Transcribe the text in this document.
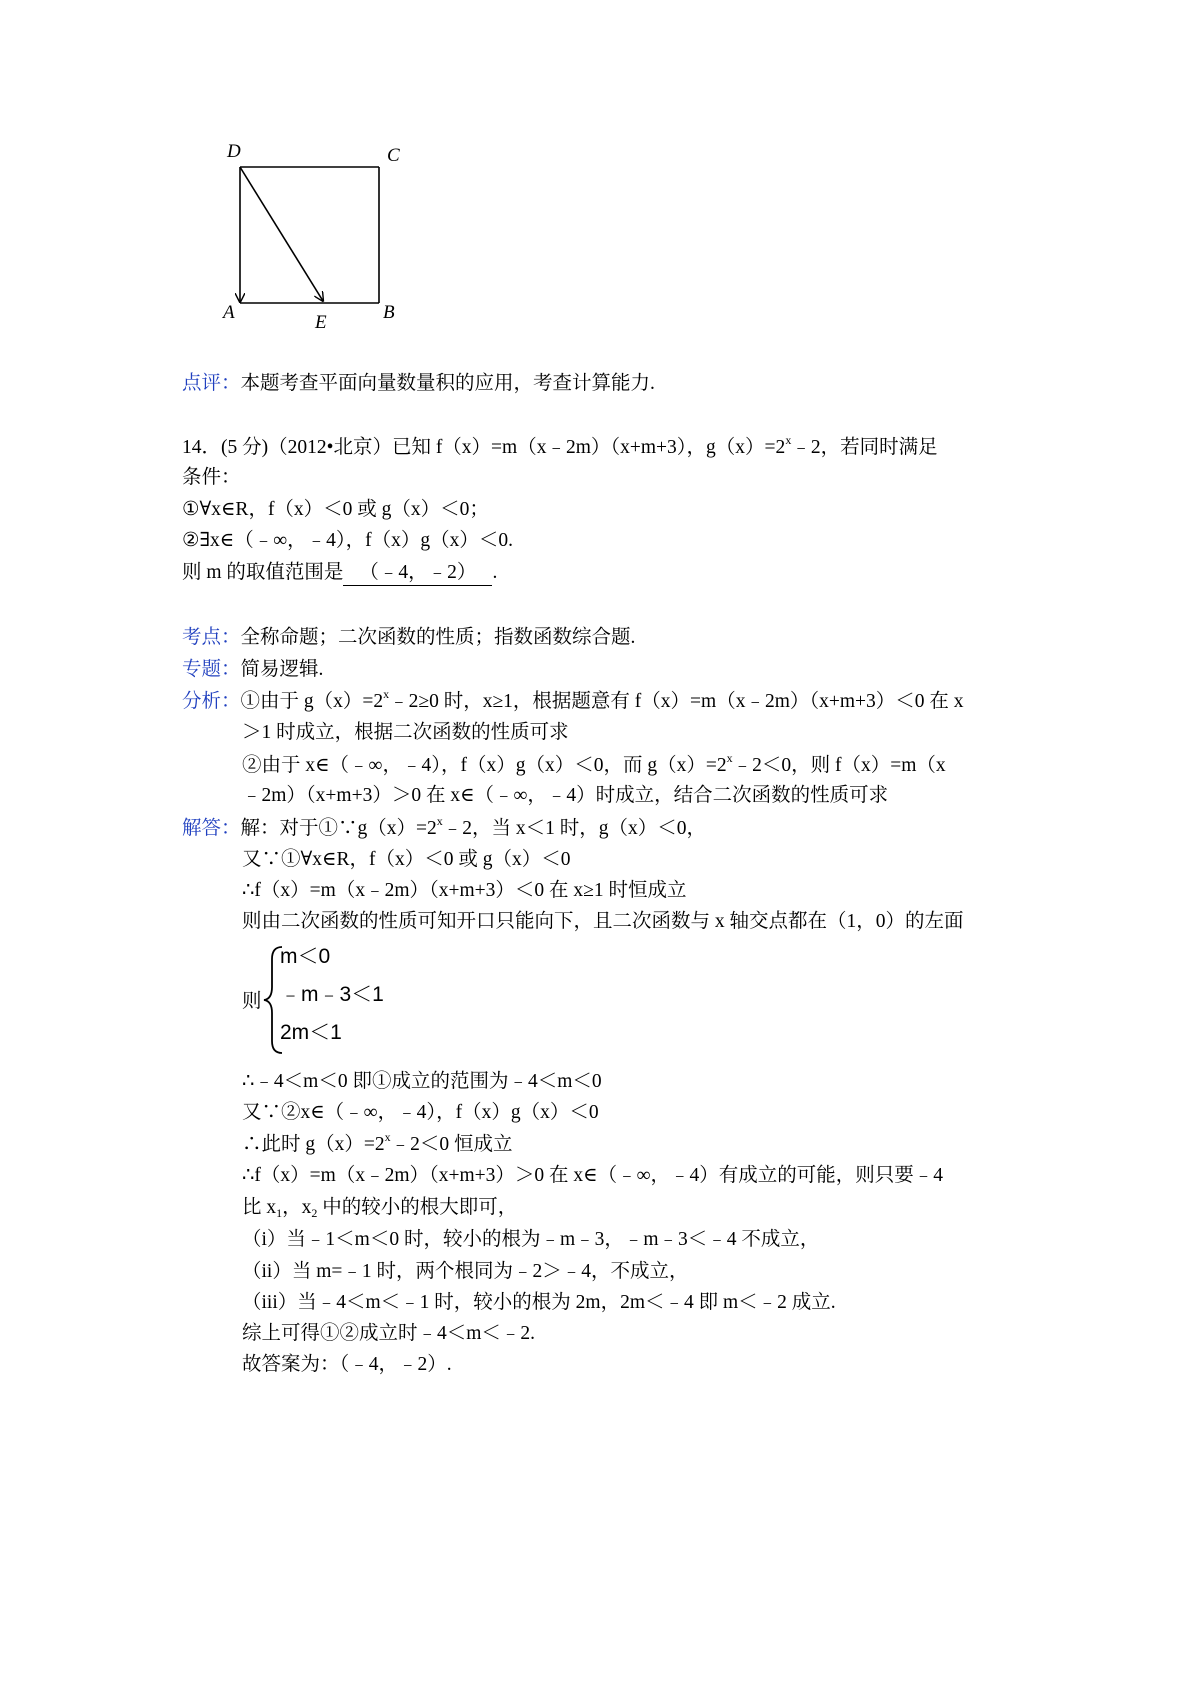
D	C
A	E	B
点评：本题考查平面向量数量积的应用，考查计算能力.
14．(5 分)（2012•北京）已知 f（x）=m（x﹣2m）（x+m+3），$g(x)=2^x﹣2$，若同时满足
条件：
①∀x∈R，f（x）＜0 或 g（x）＜0；
②∃x∈（﹣∞，﹣4），f（x）g（x）＜0.
则 m 的取值范围是 （﹣4，﹣2） .
考点：全称命题；二次函数的性质；指数函数综合题.
专题：简易逻辑.
分析：①由于 $g(x)=2^x﹣2\ge 0$ 时，x≥1，根据题意有 f（x）=m（x﹣2m）（x+m+3）＜0 在 x
＞1 时成立，根据二次函数的性质可求
②由于 x∈（﹣∞，﹣4），f（x）g（x）＜0，而 $g(x)=2^x﹣2<0$，则 f（x）=m（x
﹣2m）（x+m+3）＞0 在 x∈（﹣∞，﹣4）时成立，结合二次函数的性质可求
解答：解：对于$①\because g(x)=2^x﹣2$，当 x＜1 时，g（x）＜0，
又∵①∀x∈R，f（x）＜0 或 g（x）＜0
∴f（x）=m（x﹣2m）（x+m+3）＜0 在 x≥1 时恒成立
则由二次函数的性质可知开口只能向下，且二次函数与 x 轴交点都在（1，0）的左面
则
m＜0
﹣m﹣3＜1
2m＜1
∴﹣4＜m＜0 即①成立的范围为﹣4＜m＜0
又∵②x∈（﹣∞，﹣4），f（x）g（x）＜0
∴此时 $g(x)=2^x﹣2<0$ 恒成立
∴f（x）=m（x﹣2m）（x+m+3）＞0 在 x∈（﹣∞，﹣4）有成立的可能，则只要﹣4
比 $x_1$，$x_2$ 中的较小的根大即可，
（i）当﹣1＜m＜0 时，较小的根为﹣m﹣3，﹣m﹣3＜﹣4 不成立，
（ii）当 m=﹣1 时，两个根同为﹣2＞﹣4，不成立，
（iii）当﹣4＜m＜﹣1 时，较小的根为 2m，2m＜﹣4 即 m＜﹣2 成立.
综上可得①②成立时﹣4＜m＜﹣2.
故答案为：（﹣4，﹣2）.
